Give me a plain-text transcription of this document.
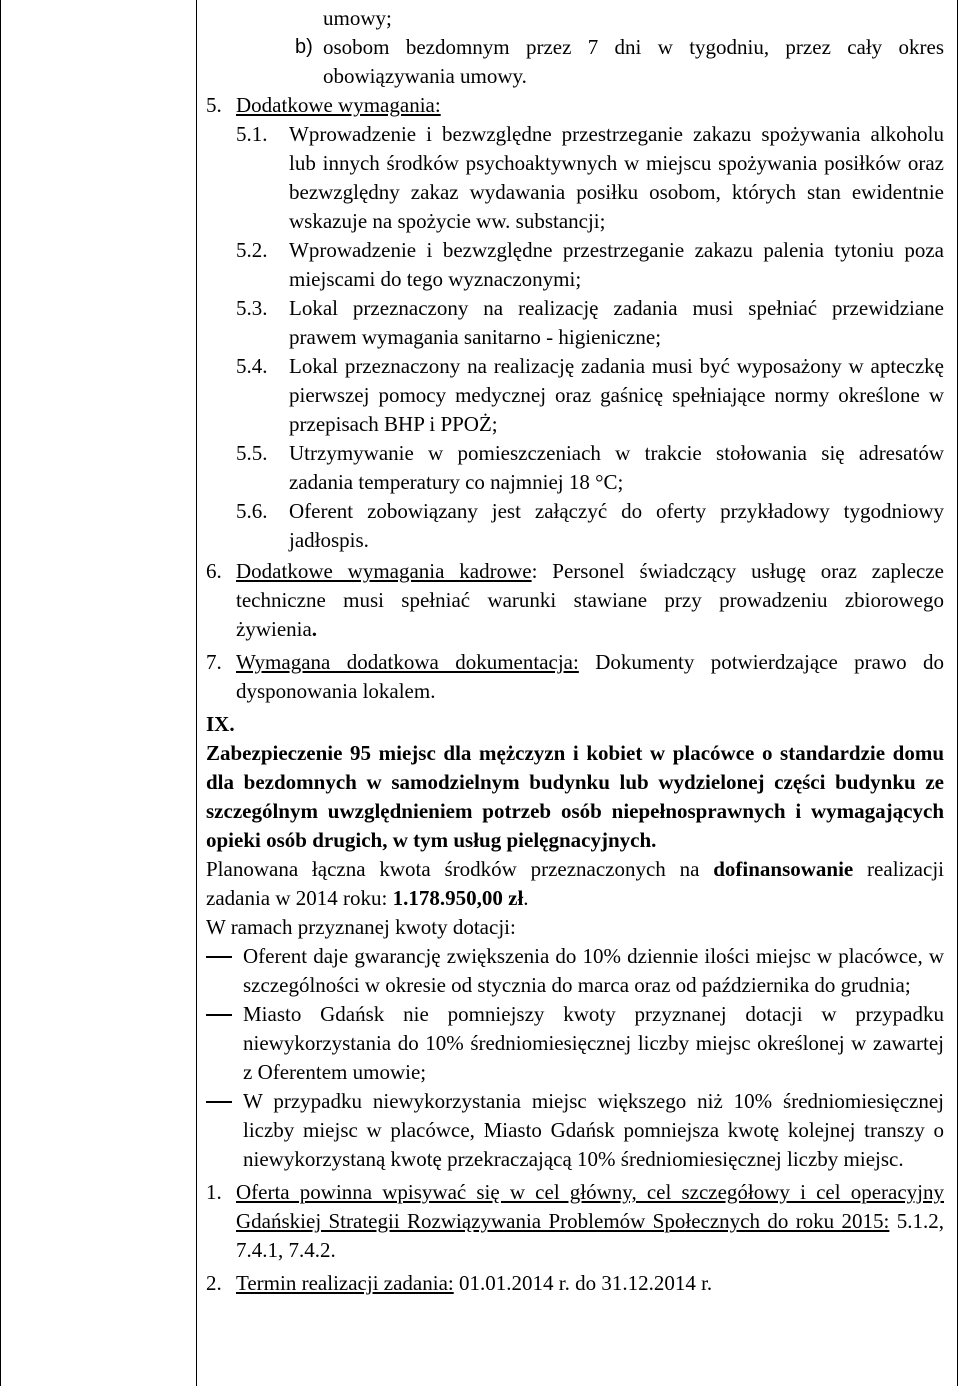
umowy;
b) osobom bezdomnym przez 7 dni w tygodniu, przez cały okres obowiązywania umowy.
5. Dodatkowe wymagania:
5.1. Wprowadzenie i bezwzględne przestrzeganie zakazu spożywania alkoholu lub innych środków psychoaktywnych w miejscu spożywania posiłków oraz bezwzględny zakaz wydawania posiłku osobom, których stan ewidentnie wskazuje na spożycie ww. substancji;
5.2. Wprowadzenie i bezwzględne przestrzeganie zakazu palenia tytoniu poza miejscami do tego wyznaczonymi;
5.3. Lokal przeznaczony na realizację zadania musi spełniać przewidziane prawem wymagania sanitarno - higieniczne;
5.4. Lokal przeznaczony na realizację zadania musi być wyposażony w apteczkę pierwszej pomocy medycznej oraz gaśnicę spełniające normy określone w przepisach BHP i PPOŻ;
5.5. Utrzymywanie w pomieszczeniach w trakcie stołowania się adresatów zadania temperatury co najmniej 18 °C;
5.6. Oferent zobowiązany jest załączyć do oferty przykładowy tygodniowy jadłospis.
6. Dodatkowe wymagania kadrowe: Personel świadczący usługę oraz zaplecze techniczne musi spełniać warunki stawiane przy prowadzeniu zbiorowego żywienia.
7. Wymagana dodatkowa dokumentacja: Dokumenty potwierdzające prawo do dysponowania lokalem.
IX.
Zabezpieczenie 95 miejsc dla mężczyzn i kobiet w placówce o standardzie domu dla bezdomnych w samodzielnym budynku lub wydzielonej części budynku ze szczególnym uwzględnieniem potrzeb osób niepełnosprawnych i wymagających opieki osób drugich, w tym usług pielęgnacyjnych.
Planowana łączna kwota środków przeznaczonych na dofinansowanie realizacji zadania w 2014 roku: 1.178.950,00 zł.
W ramach przyznanej kwoty dotacji:
Oferent daje gwarancję zwiększenia do 10% dziennie ilości miejsc w placówce, w szczególności w okresie od stycznia do marca oraz od października do grudnia;
Miasto Gdańsk nie pomniejszy kwoty przyznanej dotacji w przypadku niewykorzystania do 10% średniomiesięcznej liczby miejsc określonej w zawartej z Oferentem umowie;
W przypadku niewykorzystania miejsc większego niż 10% średniomiesięcznej liczby miejsc w placówce, Miasto Gdańsk pomniejsza kwotę kolejnej transzy o niewykorzystaną kwotę przekraczającą 10% średniomiesięcznej liczby miejsc.
1. Oferta powinna wpisywać się w cel główny, cel szczegółowy i cel operacyjny Gdańskiej Strategii Rozwiązywania Problemów Społecznych do roku 2015: 5.1.2, 7.4.1, 7.4.2.
2. Termin realizacji zadania: 01.01.2014 r. do 31.12.2014 r.
